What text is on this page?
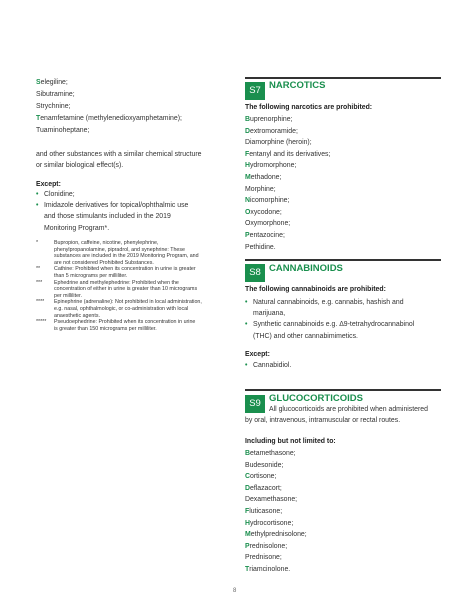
Selegiline;
Sibutramine;
Strychnine;
Tenamfetamine (methylenedioxyamphetamine);
Tuaminoheptane;
and other substances with a similar chemical structure
or similar biological effect(s).
Except:
• Clonidine;
• Imidazole derivatives for topical/ophthalmic use
and those stimulants included in the 2019
Monitoring Program*.
*	Bupropion, caffeine, nicotine, phenylephrine,
phenylpropanolamine, pipradrol, and synephrine: These
substances are included in the 2019 Monitoring Program, and
are not considered Prohibited Substances.
**	Cathine: Prohibited when its concentration in urine is greater
than 5 micrograms per milliliter.
*** Ephedrine and methylephedrine: Prohibited when the
concentration of either in urine is greater than 10 micrograms
per milliliter.
**** Epinephrine (adrenaline): Not prohibited in local administration,
e.g. nasal, ophthalmologic, or co-administration with local
anaesthetic agents.
***** Pseudoephedrine: Prohibited when its concentration in urine
is greater than 150 micrograms per milliliter.
S7 NARCOTICS
The following narcotics are prohibited:
Buprenorphine;
Dextromoramide;
Diamorphine (heroin);
Fentanyl and its derivatives;
Hydromorphone;
Methadone;
Morphine;
Nicomorphine;
Oxycodone;
Oxymorphone;
Pentazocine;
Pethidine.
S8 CANNABINOIDS
The following cannabinoids are prohibited:
• Natural cannabinoids, e.g. cannabis, hashish and
marijuana,
• Synthetic cannabinoids e.g. Δ9-tetrahydrocannabinol
(THC) and other cannabimimetics.
Except:
• Cannabidiol.
S9 GLUCOCORTICOIDS
All glucocorticoids are prohibited when administered
by oral, intravenous, intramuscular or rectal routes.
Including but not limited to:
Betamethasone;
Budesonide;
Cortisone;
Deflazacort;
Dexamethasone;
Fluticasone;
Hydrocortisone;
Methylprednisolone;
Prednisolone;
Prednisone;
Triamcinolone.
8
